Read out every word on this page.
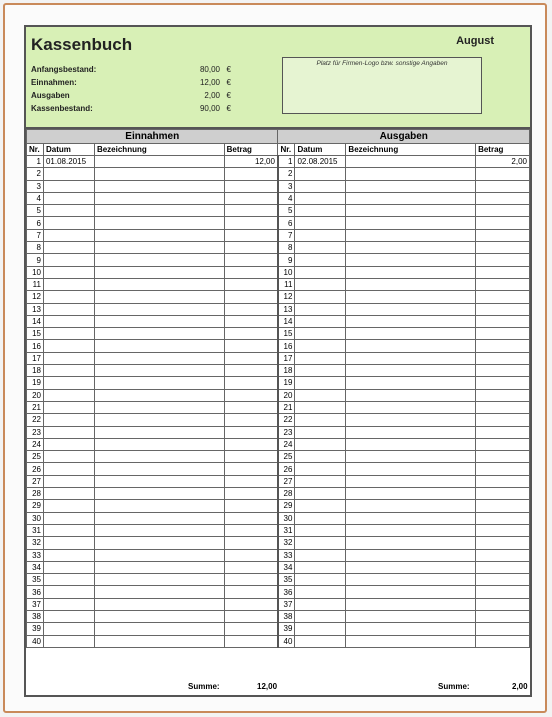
Kassenbuch	August
Anfangsbestand:	80,00 €
Einnahmen:	12,00 €
Ausgaben	2,00 €
Kassenbestand:	90,00 €
Platz für Firmen-Logo bzw. sonstige Angaben
Einnahmen				Ausgaben			
Nr.	Datum	Bezeichnung	Betrag	Nr.	Datum	Bezeichnung	Betrag
1	01.08.2015		12,00	1	02.08.2015		2,00
2				2			
3				3			
4				4			
5				5			
6				6			
7				7			
8				8			
9				9			
10				10			
11				11			
12				12			
13				13			
14				14			
15				15			
16				16			
17				17			
18				18			
19				19			
20				20			
21				21			
22				22			
23				23			
24				24			
25				25			
26				26			
27				27			
28				28			
29				29			
30				30			
31				31			
32				32			
33				33			
34				34			
35				35			
36				36			
37				37			
38				38			
39				39			
40				40			
Summe:	12,00	Summe:	2,00
